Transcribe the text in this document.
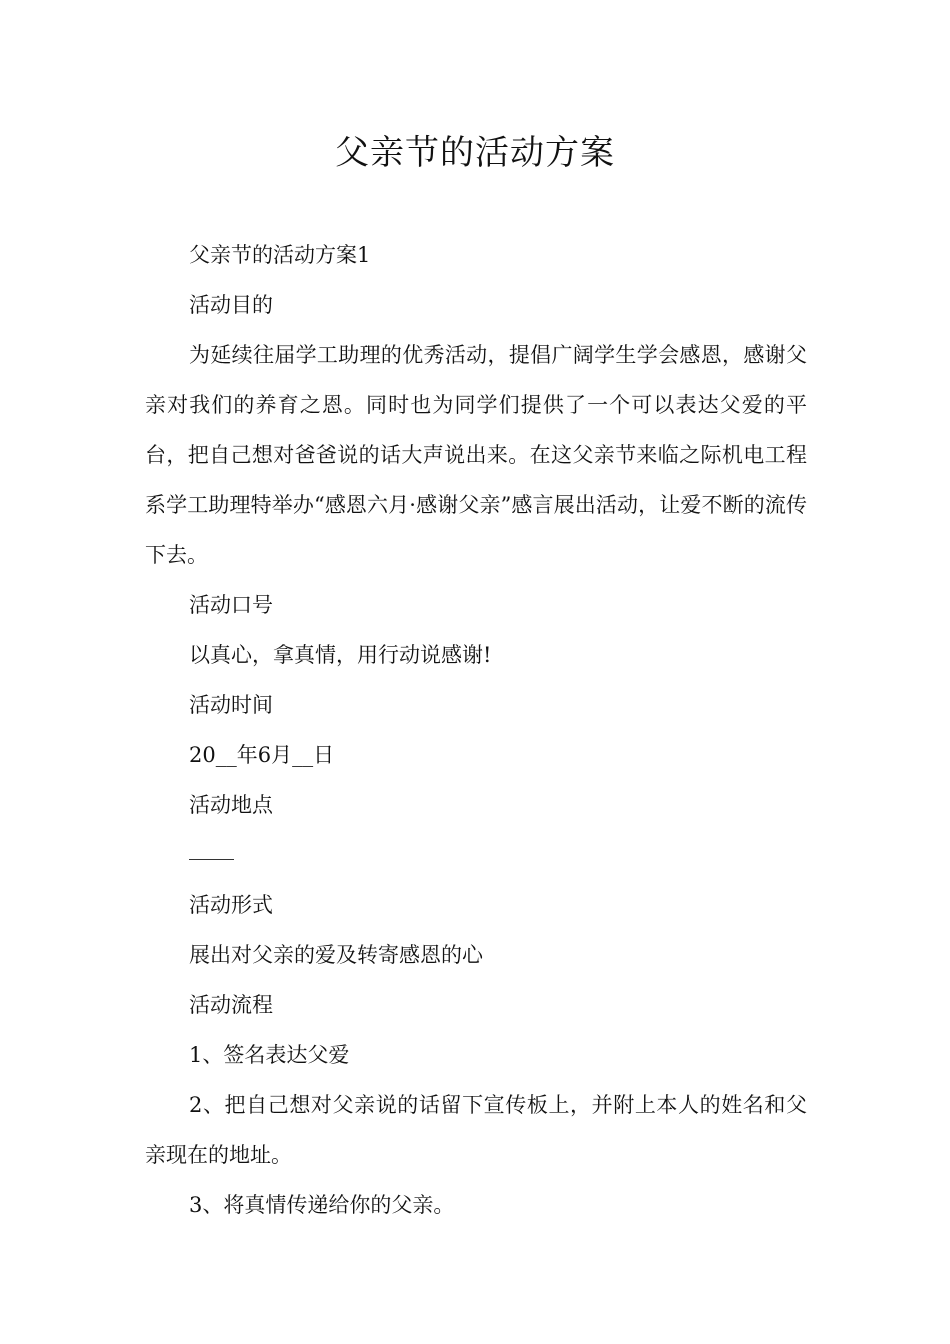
父亲节的活动方案

父亲节的活动方案1

活动目的

为延续往届学工助理的优秀活动，提倡广阔学生学会感恩，感谢父亲对我们的养育之恩。同时也为同学们提供了一个可以表达父爱的平台，把自己想对爸爸说的话大声说出来。在这父亲节来临之际机电工程系学工助理特举办“感恩六月·感谢父亲”感言展出活动，让爱不断的流传下去。

活动口号

以真心，拿真情，用行动说感谢!

活动时间

20__年6月__日

活动地点

活动形式

展出对父亲的爱及转寄感恩的心

活动流程

1、签名表达父爱

2、把自己想对父亲说的话留下宣传板上，并附上本人的姓名和父亲现在的地址。

3、将真情传递给你的父亲。
